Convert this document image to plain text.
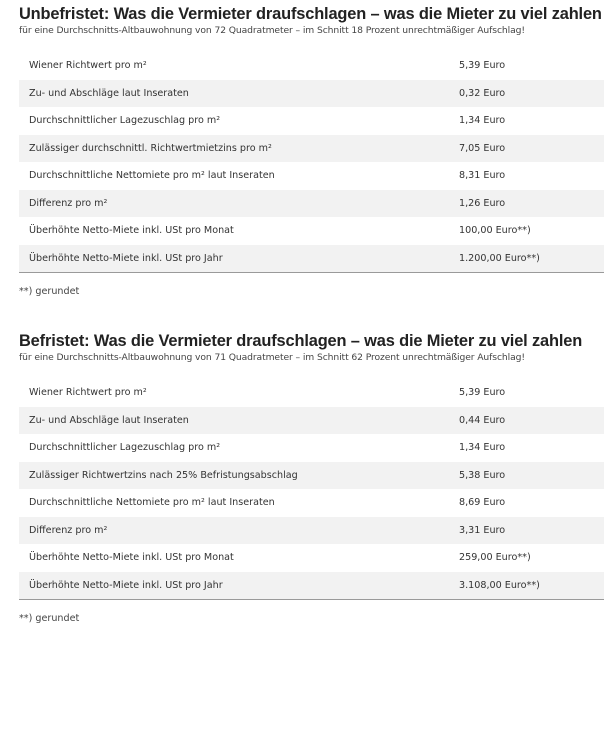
Unbefristet: Was die Vermieter draufschlagen – was die Mieter zu viel zahlen
für eine Durchschnitts-Altbauwohnung von 72 Quadratmeter – im Schnitt 18 Prozent unrechtmäßiger Aufschlag!
Wiener Richtwert pro m²	5,39 Euro
Zu- und Abschläge laut Inseraten	0,32 Euro
Durchschnittlicher Lagezuschlag pro m²	1,34 Euro
Zulässiger durchschnittl. Richtwertmietzins pro m²	7,05 Euro
Durchschnittliche Nettomiete pro m² laut Inseraten	8,31 Euro
Differenz pro m²	1,26 Euro
Überhöhte Netto-Miete inkl. USt pro Monat	100,00 Euro**)
Überhöhte Netto-Miete inkl. USt pro Jahr	1.200,00 Euro**)
**) gerundet
Befristet: Was die Vermieter draufschlagen – was die Mieter zu viel zahlen
für eine Durchschnitts-Altbauwohnung von 71 Quadratmeter – im Schnitt 62 Prozent unrechtmäßiger Aufschlag!
Wiener Richtwert pro m²	5,39 Euro
Zu- und Abschläge laut Inseraten	0,44 Euro
Durchschnittlicher Lagezuschlag pro m²	1,34 Euro
Zulässiger Richtwertzins nach 25% Befristungsabschlag	5,38 Euro
Durchschnittliche Nettomiete pro m² laut Inseraten	8,69 Euro
Differenz pro m²	3,31 Euro
Überhöhte Netto-Miete inkl. USt pro Monat	259,00 Euro**)
Überhöhte Netto-Miete inkl. USt pro Jahr	3.108,00 Euro**)
**) gerundet
